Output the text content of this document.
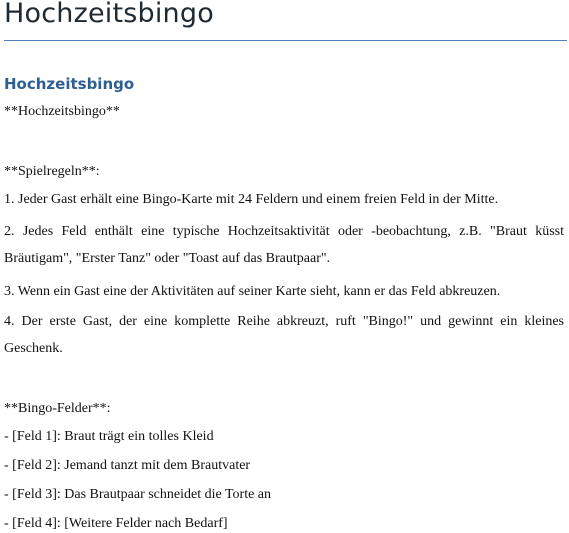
Hochzeitsbingo
Hochzeitsbingo
**Hochzeitsbingo**
**Spielregeln**:
1. Jeder Gast erhält eine Bingo-Karte mit 24 Feldern und einem freien Feld in der Mitte.
2. Jedes Feld enthält eine typische Hochzeitsaktivität oder -beobachtung, z.B. "Braut küsst Bräutigam", "Erster Tanz" oder "Toast auf das Brautpaar".
3. Wenn ein Gast eine der Aktivitäten auf seiner Karte sieht, kann er das Feld abkreuzen.
4. Der erste Gast, der eine komplette Reihe abkreuzt, ruft "Bingo!" und gewinnt ein kleines Geschenk.
**Bingo-Felder**:
- [Feld 1]: Braut trägt ein tolles Kleid
- [Feld 2]: Jemand tanzt mit dem Brautvater
- [Feld 3]: Das Brautpaar schneidet die Torte an
- [Feld 4]: [Weitere Felder nach Bedarf]
